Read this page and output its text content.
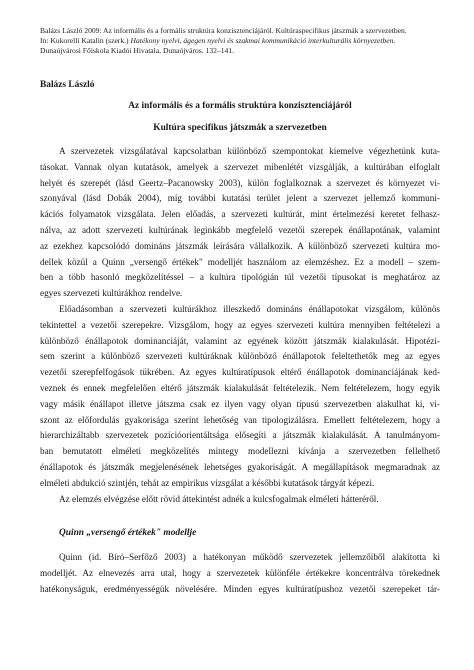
Balázs László 2009: Az informális és a formális struktúra konzisztenciájáról. Kultúraspecifikus játszmák a szervezetben.
In: Kukorelli Katalin (szerk.) Hatékony nyelvi, ágegen nyelvi és szakmai kommunikáció interkulturális környezetben.
Dunaújvárosi Főiskola Kiadói Hivatala, Dunaújváros. 132–141.
Balázs László
Az informális és a formális struktúra konzisztenciájáról
Kultúra specifikus játszmák a szervezetben
A szervezetek vizsgálatával kapcsolatban különböző szempontokat kiemelve végezhetünk kuta-
tásokat. Vannak olyan kutatások, amelyek a szervezet mibenlétét vizsgálják, a kultúrában elfoglalt
helyét és szerepét (lásd Geertz–Pacanowsky 2003), külön foglalkoznak a szervezet és környezet vi-
szonyával (lásd Dobák 2004), míg további kutatási terület jelent a szervezet jellemző kommuni-
kációs folyamatok vizsgálata. Jelen előadás, a szervezeti kultúrát, mint értelmezési keretet felhasz-
nálva, az adott szervezeti kultúrának leginkább megfelelő vezetői szerepek énállapotának, valamint
az ezekhez kapcsolódó domináns játszmák leírására vállalkozik. A különböző szervezeti kultúra mo-
dellek közül a Quinn „versengő értékek" modelljét használom az elemzéshez. Ez a modell – szem-
ben a több hasonló megközelítéssel – a kultúra tipológián túl vezetői típusokat is meghatároz az
egyes szervezeti kultúrákhoz rendelve.
Előadásomban a szervezeti kultúrákhoz illeszkedő domináns énállapotokat vizsgálom, különös
tekintettel a vezetői szerepekre. Vizsgálom, hogy az egyes szervezeti kultúra mennyiben feltételezi a
különböző énállapotok dominanciáját, valamint az egyének között játszmák kialakulását. Hipotézi-
sem szerint a különböző szervezeti kultúráknak különböző énállapotok feleltethetők meg az egyes
vezetői szerepfelfogások tükrében. Az egyes kultúratípusok eltérő énállapotok dominanciájának ked-
veznek és ennek megfelelően eltérő játszmák kialakulását feltételezik. Nem feltételezem, hogy egyik
vagy másik énállapot illetve játszma csak ez ilyen vagy olyan típusú szervezetben alakulhat ki, vi-
szont az előfordulás gyakorisága szerint lehetőség van tipologizálásra. Emellett feltételezem, hogy a
hierarchizáltabb szervezetek pozícióorientáltsága elősegíti a játszmák kialakulását. A tanulmányom-
ban bemutatott elméleti megközelítés mintegy modellezni kívánja a szervezetben fellelhető
énállapotok és játszmák megjelenésének lehetséges gyakoriságát. A megállapítások megmaradnak az
elméleti abdukció szintjén, tehát az empirikus vizsgálat a későbbi kutatások tárgyát képezi.
Az elemzés elvégzése előtt rövid áttekintést adnék a kulcsfogalmak elméleti hátteréről.
Quinn „versengő értékek" modellje
Quinn (id. Bíró–Serfőző 2003) a hatékonyan működő szervezetek jellemzőiből alakította ki
modelljét. Az elnevezés arra utal, hogy a szervezetek különféle értékekre koncentrálva törekednek
hatékonyságuk, eredményességük növelésére. Minden egyes kultúratípushoz vezetői szerepeket tár-
